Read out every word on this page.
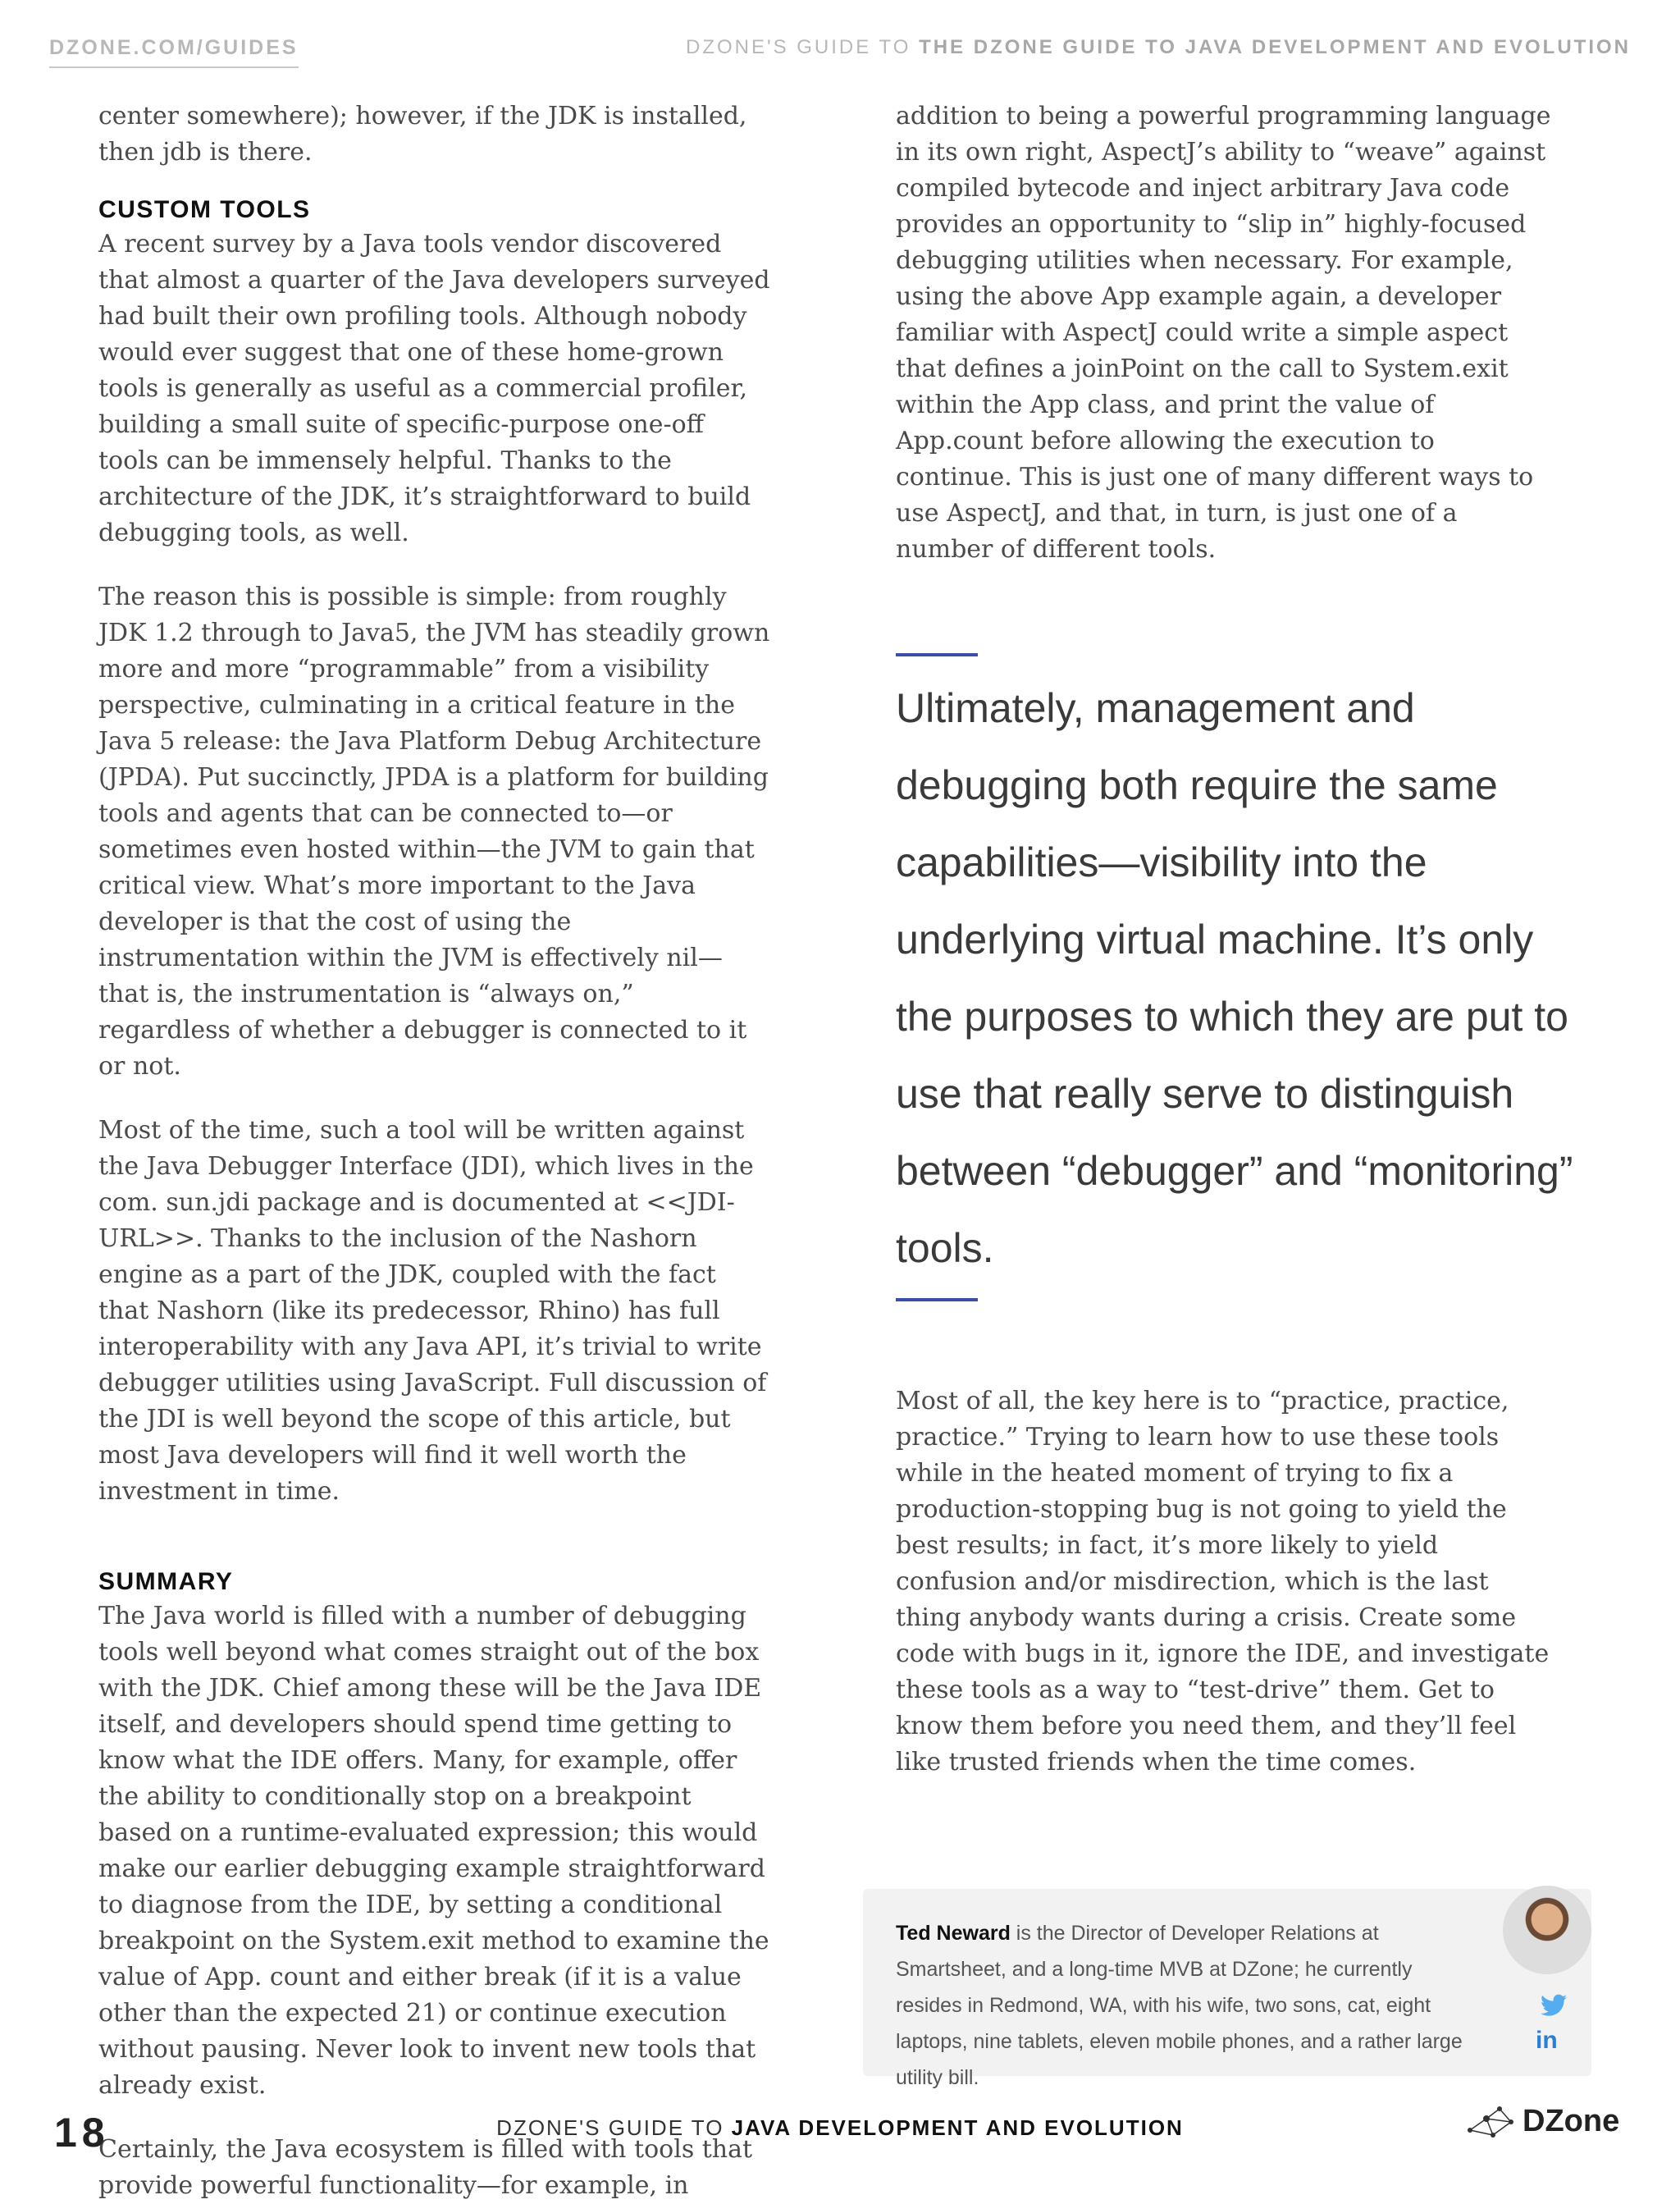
DZONE.COM/GUIDES	DZONE'S GUIDE TO THE DZONE GUIDE TO JAVA DEVELOPMENT AND EVOLUTION

center somewhere); however, if the JDK is installed, then jdb is there.

CUSTOM TOOLS

A recent survey by a Java tools vendor discovered that almost a quarter of the Java developers surveyed had built their own profiling tools. Although nobody would ever suggest that one of these home-grown tools is generally as useful as a commercial profiler, building a small suite of specific-purpose one-off tools can be immensely helpful. Thanks to the architecture of the JDK, it’s straightforward to build debugging tools, as well.

The reason this is possible is simple: from roughly JDK 1.2 through to Java5, the JVM has steadily grown more and more “programmable” from a visibility perspective, culminating in a critical feature in the Java 5 release: the Java Platform Debug Architecture (JPDA). Put succinctly, JPDA is a platform for building tools and agents that can be connected to—or sometimes even hosted within—the JVM to gain that critical view. What’s more important to the Java developer is that the cost of using the instrumentation within the JVM is effectively nil—that is, the instrumentation is “always on,” regardless of whether a debugger is connected to it or not.

Most of the time, such a tool will be written against the Java Debugger Interface (JDI), which lives in the com. sun.jdi package and is documented at <<JDI-URL>>. Thanks to the inclusion of the Nashorn engine as a part of the JDK, coupled with the fact that Nashorn (like its predecessor, Rhino) has full interoperability with any Java API, it’s trivial to write debugger utilities using JavaScript. Full discussion of the JDI is well beyond the scope of this article, but most Java developers will find it well worth the investment in time.

SUMMARY

The Java world is filled with a number of debugging tools well beyond what comes straight out of the box with the JDK. Chief among these will be the Java IDE itself, and developers should spend time getting to know what the IDE offers. Many, for example, offer the ability to conditionally stop on a breakpoint based on a runtime-evaluated expression; this would make our earlier debugging example straightforward to diagnose from the IDE, by setting a conditional breakpoint on the System.exit method to examine the value of App. count and either break (if it is a value other than the expected 21) or continue execution without pausing. Never look to invent new tools that already exist.

Certainly, the Java ecosystem is filled with tools that provide powerful functionality—for example, in

addition to being a powerful programming language in its own right, AspectJ’s ability to “weave” against compiled bytecode and inject arbitrary Java code provides an opportunity to “slip in” highly-focused debugging utilities when necessary. For example, using the above App example again, a developer familiar with AspectJ could write a simple aspect that defines a joinPoint on the call to System.exit within the App class, and print the value of App.count before allowing the execution to continue. This is just one of many different ways to use AspectJ, and that, in turn, is just one of a number of different tools.

Ultimately, management and debugging both require the same capabilities—visibility into the underlying virtual machine. It’s only the purposes to which they are put to use that really serve to distinguish between “debugger” and “monitoring” tools.

Most of all, the key here is to “practice, practice, practice.” Trying to learn how to use these tools while in the heated moment of trying to fix a production-stopping bug is not going to yield the best results; in fact, it’s more likely to yield confusion and/or misdirection, which is the last thing anybody wants during a crisis. Create some code with bugs in it, ignore the IDE, and investigate these tools as a way to “test-drive” them. Get to know them before you need them, and they’ll feel like trusted friends when the time comes.

Ted Neward is the Director of Developer Relations at Smartsheet, and a long-time MVB at DZone; he currently resides in Redmond, WA, with his wife, two sons, cat, eight laptops, nine tablets, eleven mobile phones, and a rather large utility bill.
in
18	DZONE'S GUIDE TO JAVA DEVELOPMENT AND EVOLUTION	DZone
